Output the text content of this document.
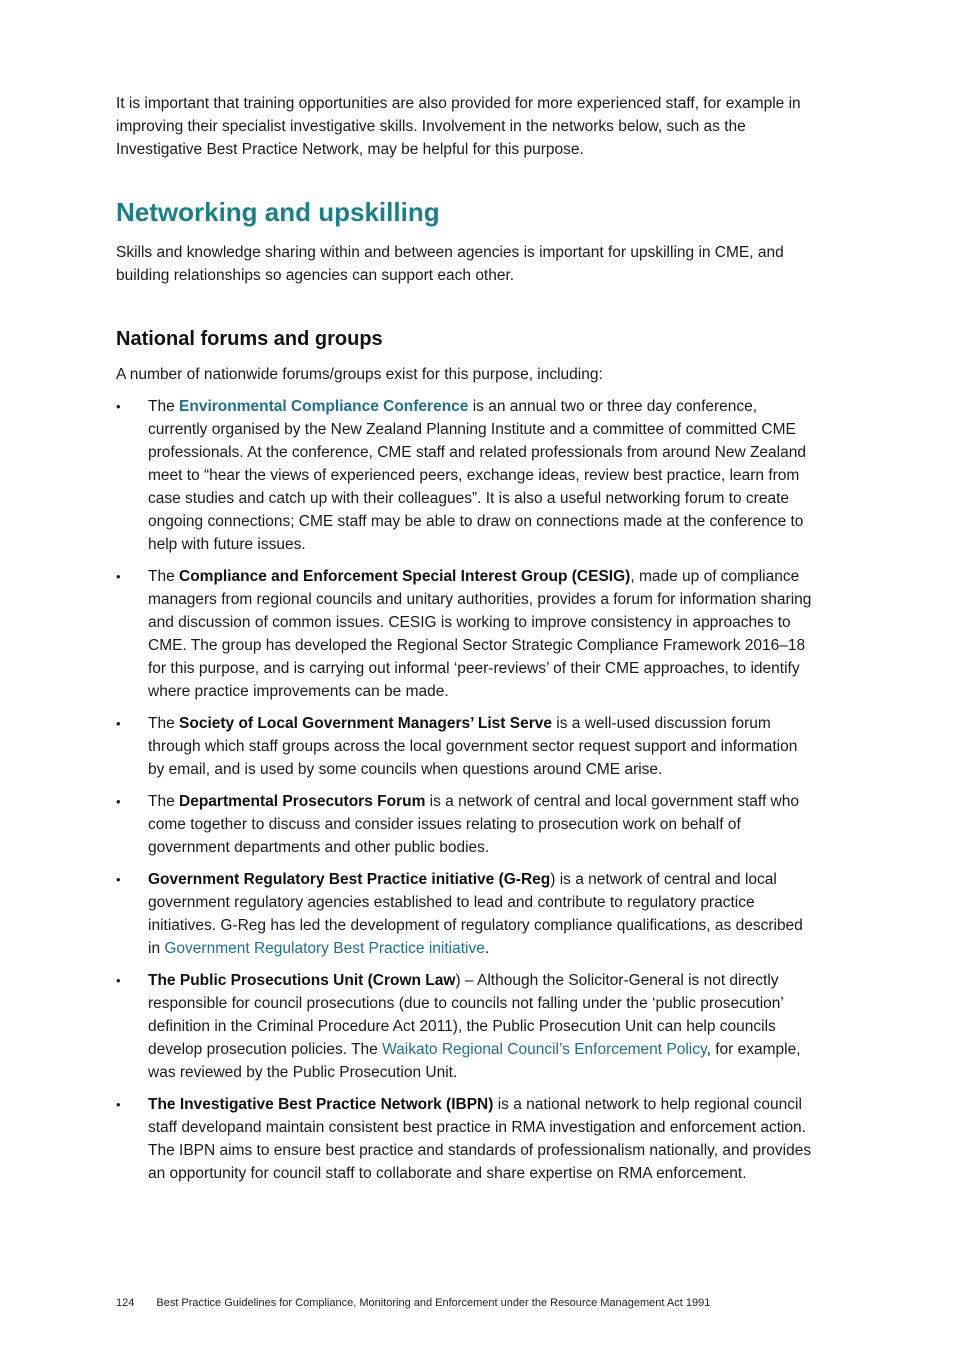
It is important that training opportunities are also provided for more experienced staff, for example in improving their specialist investigative skills. Involvement in the networks below, such as the Investigative Best Practice Network, may be helpful for this purpose.

Networking and upskilling

Skills and knowledge sharing within and between agencies is important for upskilling in CME, and building relationships so agencies can support each other.

National forums and groups

A number of nationwide forums/groups exist for this purpose, including:

• The Environmental Compliance Conference is an annual two or three day conference, currently organised by the New Zealand Planning Institute and a committee of committed CME professionals. At the conference, CME staff and related professionals from around New Zealand meet to “hear the views of experienced peers, exchange ideas, review best practice, learn from case studies and catch up with their colleagues”. It is also a useful networking forum to create ongoing connections; CME staff may be able to draw on connections made at the conference to help with future issues.
• The Compliance and Enforcement Special Interest Group (CESIG), made up of compliance managers from regional councils and unitary authorities, provides a forum for information sharing and discussion of common issues. CESIG is working to improve consistency in approaches to CME. The group has developed the Regional Sector Strategic Compliance Framework 2016–18 for this purpose, and is carrying out informal ‘peer-reviews’ of their CME approaches, to identify where practice improvements can be made.
• The Society of Local Government Managers’ List Serve is a well-used discussion forum through which staff groups across the local government sector request support and information by email, and is used by some councils when questions around CME arise.
• The Departmental Prosecutors Forum is a network of central and local government staff who come together to discuss and consider issues relating to prosecution work on behalf of government departments and other public bodies.
• Government Regulatory Best Practice initiative (G-Reg) is a network of central and local government regulatory agencies established to lead and contribute to regulatory practice initiatives. G-Reg has led the development of regulatory compliance qualifications, as described in Government Regulatory Best Practice initiative.
• The Public Prosecutions Unit (Crown Law) – Although the Solicitor-General is not directly responsible for council prosecutions (due to councils not falling under the ‘public prosecution’ definition in the Criminal Procedure Act 2011), the Public Prosecution Unit can help councils develop prosecution policies. The Waikato Regional Council’s Enforcement Policy, for example, was reviewed by the Public Prosecution Unit.
• The Investigative Best Practice Network (IBPN) is a national network to help regional council staff developand maintain consistent best practice in RMA investigation and enforcement action. The IBPN aims to ensure best practice and standards of professionalism nationally, and provides an opportunity for council staff to collaborate and share expertise on RMA enforcement.
124 Best Practice Guidelines for Compliance, Monitoring and Enforcement under the Resource Management Act 1991
